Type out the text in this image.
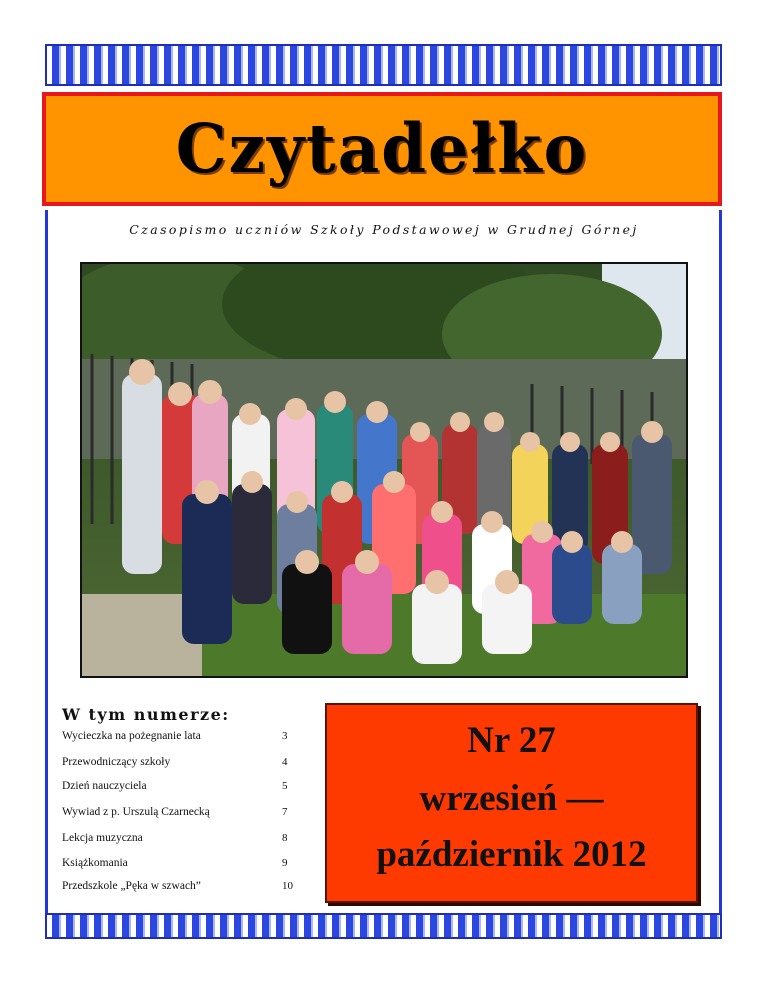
Czytadełko
Czasopismo uczniów Szkoły Podstawowej w Grudnej Górnej
W tym numerze:
Wycieczka na pożegnanie lata	3
Przewodniczący szkoły	4
Dzień nauczyciela	5
Wywiad z p. Urszulą Czarnecką	7
Lekcja muzyczna	8
Książkomania	9
Przedszkole „Pęka w szwach”	10
Nr 27
wrzesień —
październik 2012
